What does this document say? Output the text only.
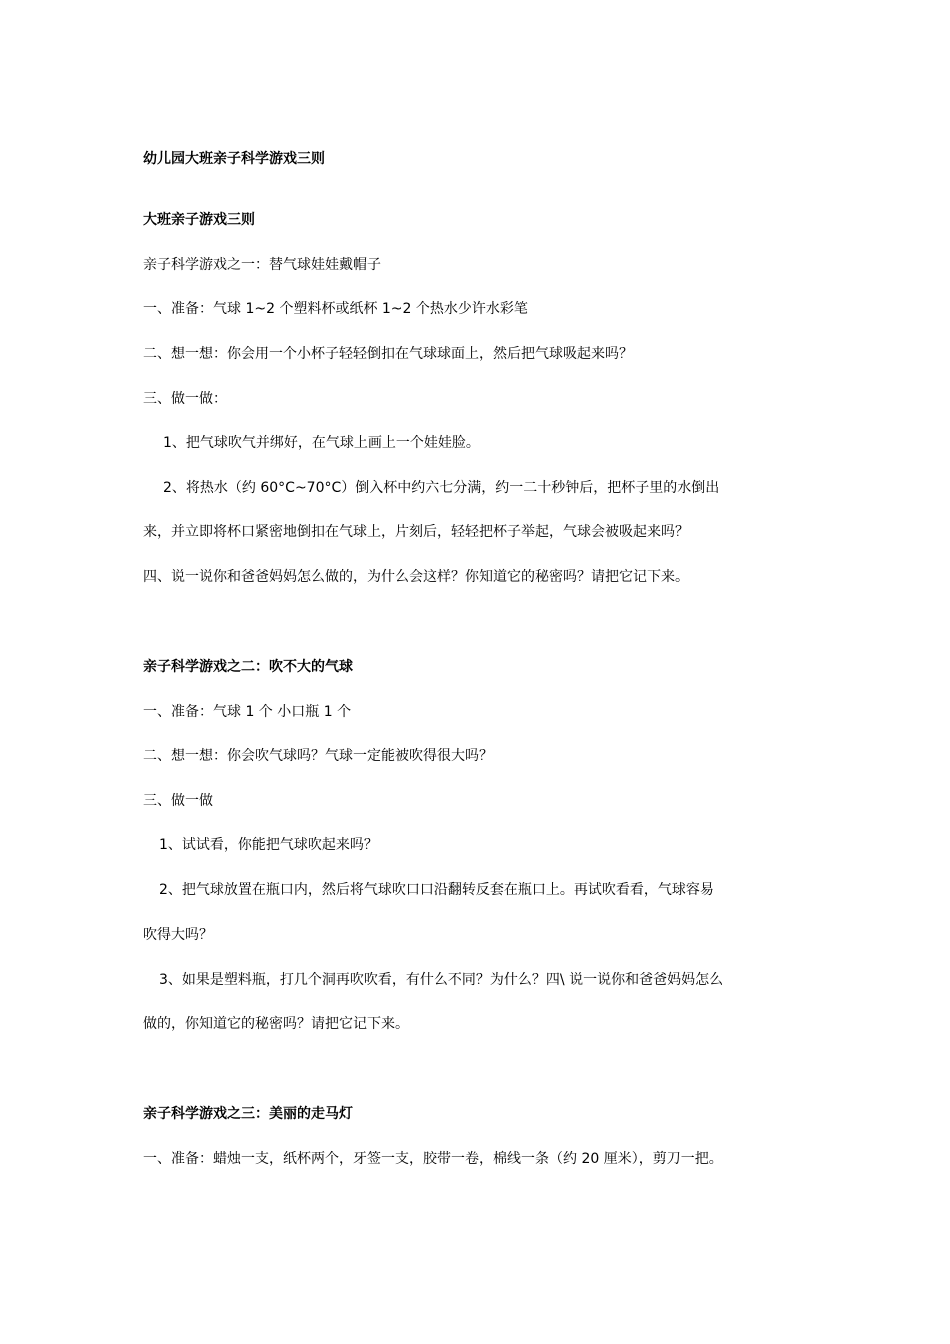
幼儿园大班亲子科学游戏三则

大班亲子游戏三则

亲子科学游戏之一：替气球娃娃戴帽子

一、准备：气球 1~2 个塑料杯或纸杯 1~2 个热水少许水彩笔

二、想一想：你会用一个小杯子轻轻倒扣在气球球面上，然后把气球吸起来吗？

三、做一做：

1、把气球吹气并绑好，在气球上画上一个娃娃脸。

2、将热水（约 60°C~70°C）倒入杯中约六七分满，约一二十秒钟后，把杯子里的水倒出

来，并立即将杯口紧密地倒扣在气球上，片刻后，轻轻把杯子举起，气球会被吸起来吗？

四、说一说你和爸爸妈妈怎么做的，为什么会这样？你知道它的秘密吗？请把它记下来。

亲子科学游戏之二：吹不大的气球

一、准备：气球 1 个 小口瓶 1 个

二、想一想：你会吹气球吗？气球一定能被吹得很大吗？

三、做一做

1、试试看，你能把气球吹起来吗？

2、把气球放置在瓶口内，然后将气球吹口口沿翻转反套在瓶口上。再试吹看看，气球容易

吹得大吗？

3、如果是塑料瓶，打几个洞再吹吹看，有什么不同？为什么？四\ 说一说你和爸爸妈妈怎么

做的，你知道它的秘密吗？请把它记下来。

亲子科学游戏之三：美丽的走马灯

一、准备：蜡烛一支，纸杯两个，牙签一支，胶带一卷，棉线一条（约 20 厘米），剪刀一把。
